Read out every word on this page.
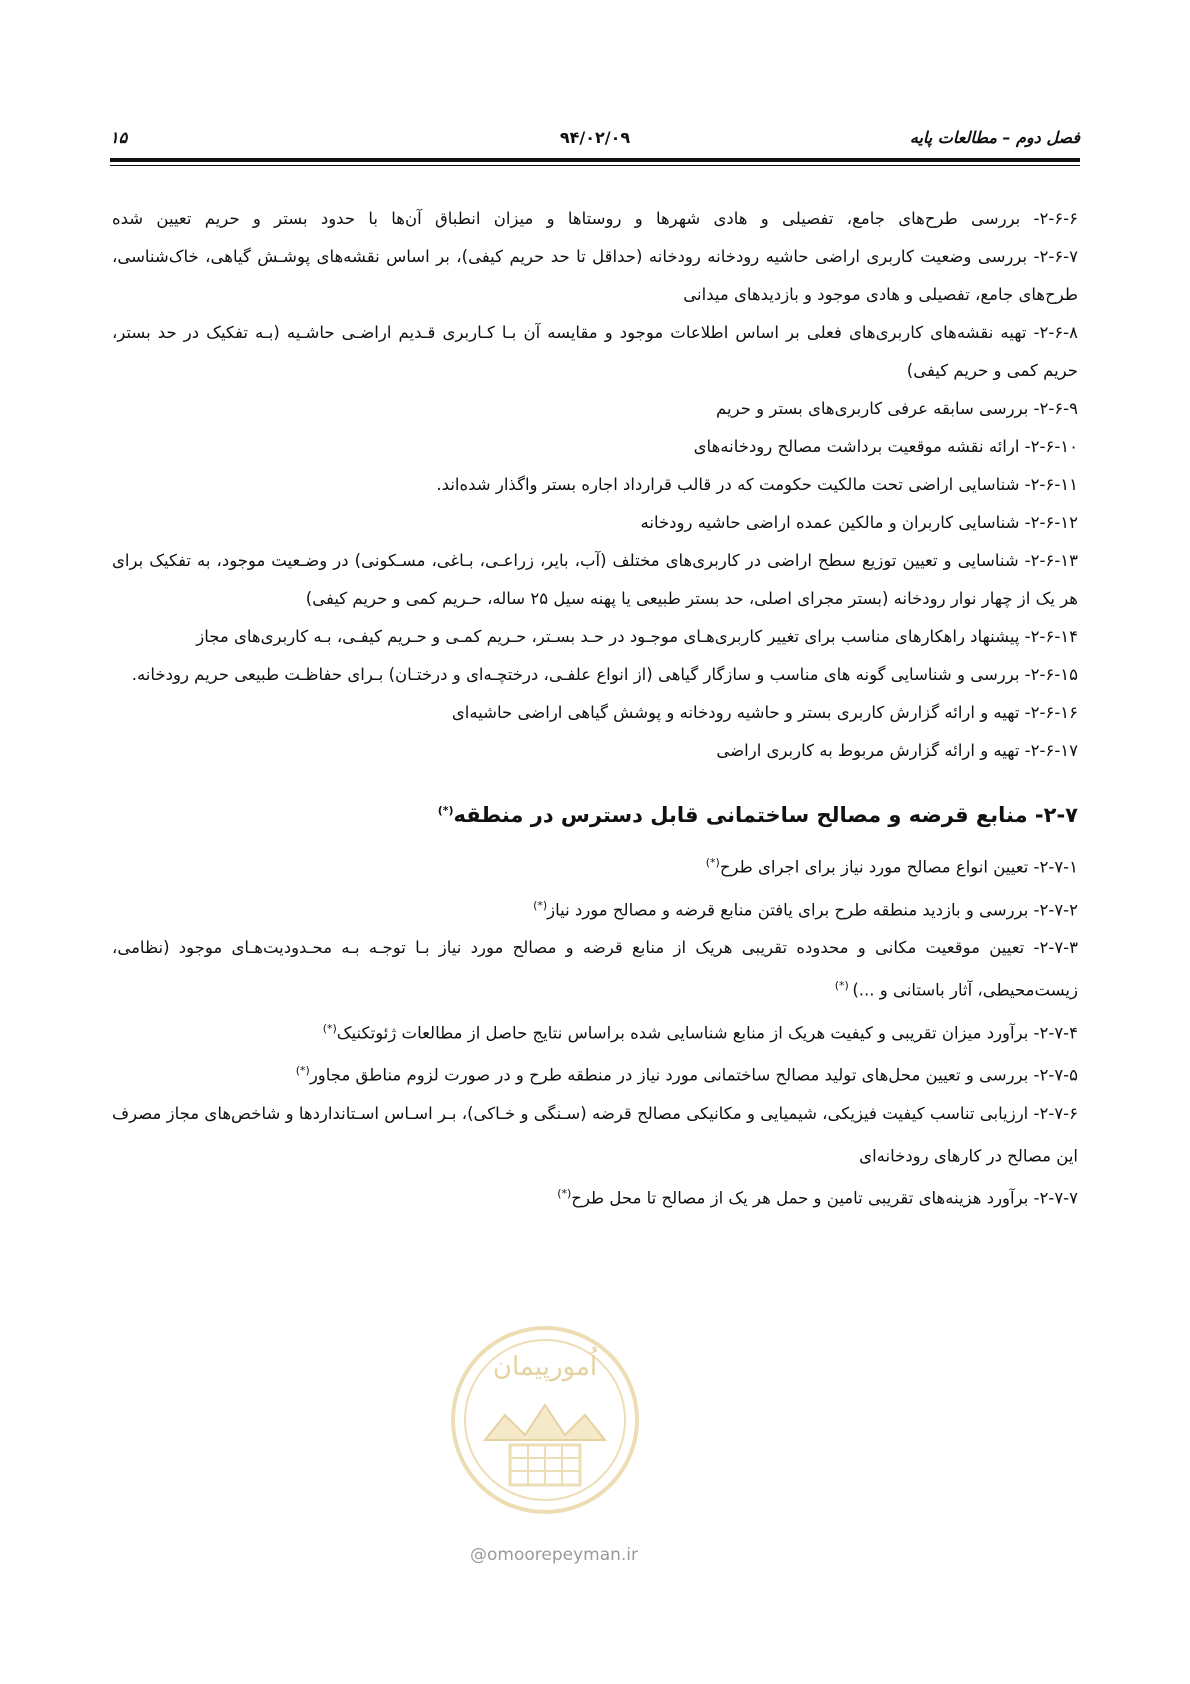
فصل دوم – مطالعات پایه
۹۴/۰۲/۰۹
۱۵

۲-۶-۶- بررسی طرح‌های جامع، تفصیلی و هادی شهرها و روستاها و میزان انطباق آن‌ها با حدود بستر و حریم تعیین شده

۲-۶-۷- بررسی وضعیت کاربری اراضی حاشیه رودخانه رودخانه (حداقل تا حد حریم کیفی)، بر اساس نقشه‌های پوشـش گیاهی، خاک‌شناسی، طرح‌های جامع، تفصیلی و هادی موجود و بازدیدهای میدانی

۲-۶-۸- تهیه نقشه‌های کاربری‌های فعلی بر اساس اطلاعات موجود و مقایسه آن بـا کـاربری قـدیم اراضـی حاشـیه (بـه تفکیک در حد بستر، حریم کمی و حریم کیفی)

۲-۶-۹- بررسی سابقه عرفی کاربری‌های بستر و حریم

۲-۶-۱۰- ارائه نقشه موقعیت برداشت مصالح رودخانه‌های

۲-۶-۱۱- شناسایی اراضی تحت مالکیت حکومت که در قالب قرارداد اجاره بستر واگذار شده‌اند.

۲-۶-۱۲- شناسایی کاربران و مالکین عمده اراضی حاشیه رودخانه

۲-۶-۱۳- شناسایی و تعیین توزیع سطح اراضی در کاربری‌های مختلف (آب، بایر، زراعـی، بـاغی، مسـکونی) در وضـعیت موجود، به تفکیک برای هر یک از چهار نوار رودخانه (بستر مجرای اصلی، حد بستر طبیعی یا پهنه سیل ۲۵ ساله، حـریم کمی و حریم کیفی)

۲-۶-۱۴- پیشنهاد راهکارهای مناسب برای تغییر کاربری‌هـای موجـود در حـد بسـتر، حـریم کمـی و حـریم کیفـی، بـه کاربری‌های مجاز

۲-۶-۱۵- بررسی و شناسایی گونه های مناسب و سازگار گیاهی (از انواع علفـی، درختچـه‌ای و درختـان) بـرای حفاظـت طبیعی حریم رودخانه.

۲-۶-۱۶- تهیه و ارائه گزارش کاربری بستر و حاشیه رودخانه و پوشش گیاهی اراضی حاشیه‌ای

۲-۶-۱۷- تهیه و ارائه گزارش مربوط به کاربری اراضی

۲-۷- منابع قرضه و مصالح ساختمانی قابل دسترس در منطقه(*)

۲-۷-۱- تعیین انواع مصالح مورد نیاز برای اجرای طرح(*)

۲-۷-۲- بررسی و بازدید منطقه طرح برای یافتن منابع قرضه و مصالح مورد نیاز(*)

۲-۷-۳- تعیین موقعیت مکانی و محدوده تقریبی هریک از منابع قرضه و مصالح مورد نیاز بـا توجـه بـه محـدودیت‌هـای موجود (نظامی، زیست‌محیطی، آثار باستانی و ...) (*)

۲-۷-۴- برآورد میزان تقریبی و کیفیت هریک از منابع شناسایی شده براساس نتایج حاصل از مطالعات ژئوتکنیک(*)

۲-۷-۵- بررسی و تعیین محل‌های تولید مصالح ساختمانی مورد نیاز در منطقه طرح و در صورت لزوم مناطق مجاور(*)

۲-۷-۶- ارزیابی تناسب کیفیت فیزیکی، شیمیایی و مکانیکی مصالح قرضه (سـنگی و خـاکی)، بـر اسـاس اسـتانداردها و شاخص‌های مجاز مصرف این مصالح در کارهای رودخانه‌ای

۲-۷-۷- برآورد هزینه‌های تقریبی تامین و حمل هر یک از مصالح تا محل طرح(*)

اُمورپیمان
@omoorepeyman.ir
